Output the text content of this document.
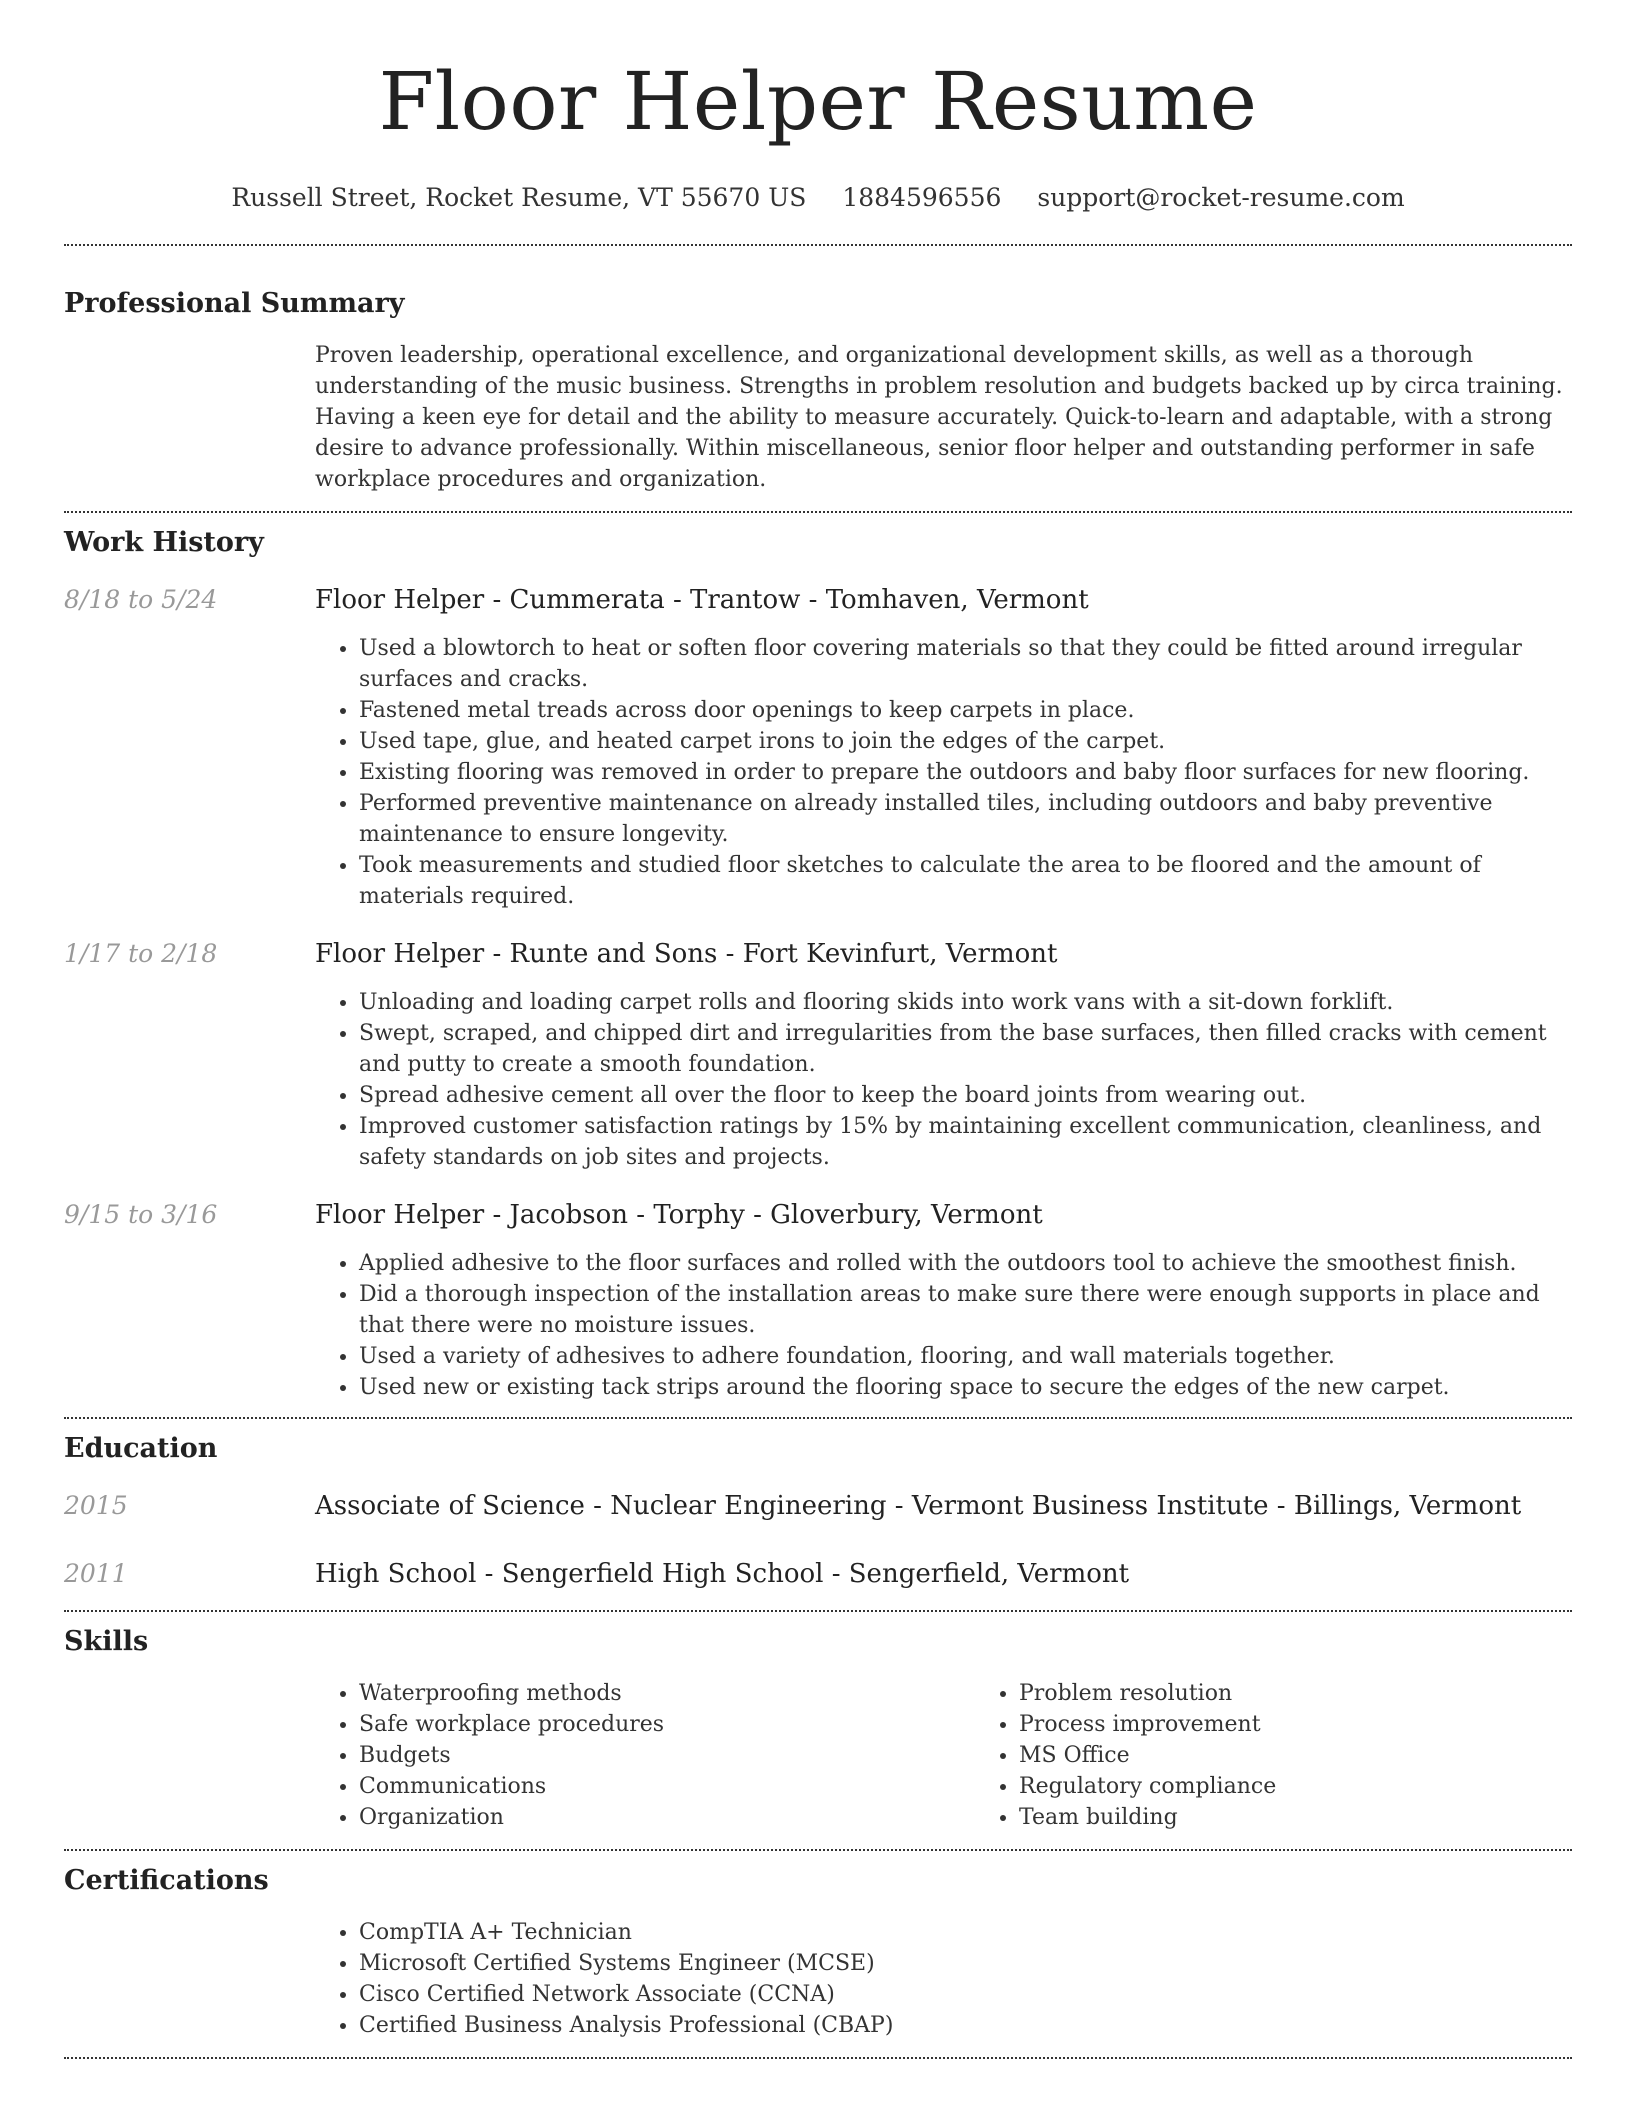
Floor Helper Resume
Russell Street, Rocket Resume, VT 55670 US 1884596556 support@rocket-resume.com
Professional Summary
Proven leadership, operational excellence, and organizational development skills, as well as a thorough understanding of the music business. Strengths in problem resolution and budgets backed up by circa training. Having a keen eye for detail and the ability to measure accurately. Quick-to-learn and adaptable, with a strong desire to advance professionally. Within miscellaneous, senior floor helper and outstanding performer in safe workplace procedures and organization.
Work History
8/18 to 5/24	Floor Helper - Cummerata - Trantow - Tomhaven, Vermont
• Used a blowtorch to heat or soften floor covering materials so that they could be fitted around irregular surfaces and cracks.
• Fastened metal treads across door openings to keep carpets in place.
• Used tape, glue, and heated carpet irons to join the edges of the carpet.
• Existing flooring was removed in order to prepare the outdoors and baby floor surfaces for new flooring.
• Performed preventive maintenance on already installed tiles, including outdoors and baby preventive maintenance to ensure longevity.
• Took measurements and studied floor sketches to calculate the area to be floored and the amount of materials required.
1/17 to 2/18	Floor Helper - Runte and Sons - Fort Kevinfurt, Vermont
• Unloading and loading carpet rolls and flooring skids into work vans with a sit-down forklift.
• Swept, scraped, and chipped dirt and irregularities from the base surfaces, then filled cracks with cement and putty to create a smooth foundation.
• Spread adhesive cement all over the floor to keep the board joints from wearing out.
• Improved customer satisfaction ratings by 15% by maintaining excellent communication, cleanliness, and safety standards on job sites and projects.
9/15 to 3/16	Floor Helper - Jacobson - Torphy - Gloverbury, Vermont
• Applied adhesive to the floor surfaces and rolled with the outdoors tool to achieve the smoothest finish.
• Did a thorough inspection of the installation areas to make sure there were enough supports in place and that there were no moisture issues.
• Used a variety of adhesives to adhere foundation, flooring, and wall materials together.
• Used new or existing tack strips around the flooring space to secure the edges of the new carpet.
Education
2015	Associate of Science - Nuclear Engineering - Vermont Business Institute - Billings, Vermont
2011	High School - Sengerfield High School - Sengerfield, Vermont
Skills
• Waterproofing methods
• Safe workplace procedures
• Budgets
• Communications
• Organization
• Problem resolution
• Process improvement
• MS Office
• Regulatory compliance
• Team building
Certifications
• CompTIA A+ Technician
• Microsoft Certified Systems Engineer (MCSE)
• Cisco Certified Network Associate (CCNA)
• Certified Business Analysis Professional (CBAP)
